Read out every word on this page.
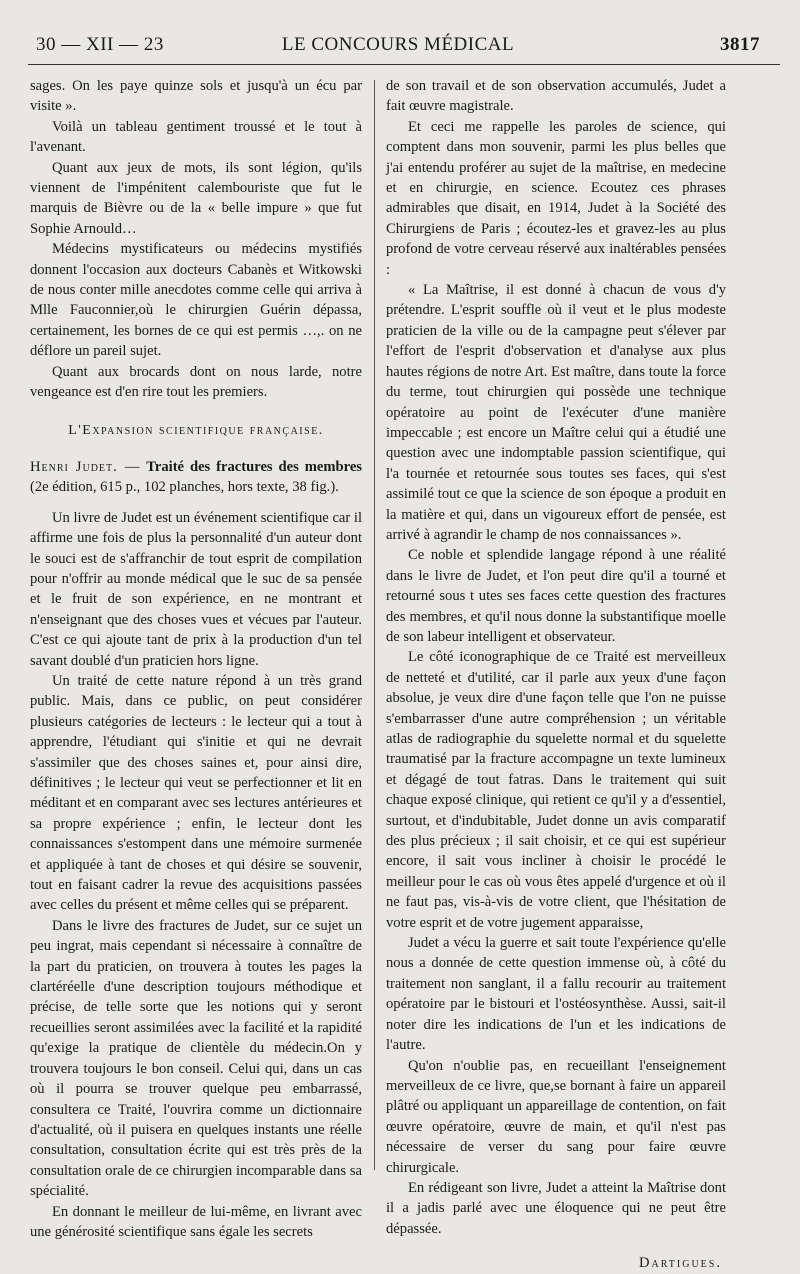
30 — XII — 23	LE CONCOURS MÉDICAL	3817

sages. On les paye quinze sols et jusqu'à un écu par visite ».

Voilà un tableau gentiment troussé et le tout à l'avenant.

Quant aux jeux de mots, ils sont légion, qu'ils viennent de l'impénitent calembouriste que fut le marquis de Bièvre ou de la « belle impure » que fut Sophie Arnould…

Médecins mystificateurs ou médecins mystifiés donnent l'occasion aux docteurs Cabanès et Witkowski de nous conter mille anecdotes comme celle qui arriva à Mlle Fauconnier,où le chirurgien Guérin dépassa, certainement, les bornes de ce qui est permis …,. on ne déflore un pareil sujet.

Quant aux brocards dont on nous larde, notre vengeance est d'en rire tout les premiers.

L'Expansion scientifique française.

Henri Judet. — Traité des fractures des membres (2e édition, 615 p., 102 planches, hors texte, 38 fig.).

Un livre de Judet est un événement scientifique car il affirme une fois de plus la personnalité d'un auteur dont le souci est de s'affranchir de tout esprit de compilation pour n'offrir au monde médical que le suc de sa pensée et le fruit de son expérience, en ne montrant et n'enseignant que des choses vues et vécues par l'auteur. C'est ce qui ajoute tant de prix à la production d'un tel savant doublé d'un praticien hors ligne.

Un traité de cette nature répond à un très grand public. Mais, dans ce public, on peut considérer plusieurs catégories de lecteurs : le lecteur qui a tout à apprendre, l'étudiant qui s'initie et qui ne devrait s'assimiler que des choses saines et, pour ainsi dire, définitives ; le lecteur qui veut se perfectionner et lit en méditant et en comparant avec ses lectures antérieures et sa propre expérience ; enfin, le lecteur dont les connaissances s'estompent dans une mémoire surmenée et appliquée à tant de choses et qui désire se souvenir, tout en faisant cadrer la revue des acquisitions passées avec celles du présent et même celles qui se préparent.

Dans le livre des fractures de Judet, sur ce sujet un peu ingrat, mais cependant si nécessaire à connaître de la part du praticien, on trouvera à toutes les pages la clartéréelle d'une description toujours méthodique et précise, de telle sorte que les notions qui y seront recueillies seront assimilées avec la facilité et la rapidité qu'exige la pratique de clientèle du médecin.On y trouvera toujours le bon conseil. Celui qui, dans un cas où il pourra se trouver quelque peu embarrassé, consultera ce Traité, l'ouvrira comme un dictionnaire d'actualité, où il puisera en quelques instants une réelle consultation, consultation écrite qui est très près de la consultation orale de ce chirurgien incomparable dans sa spécialité.

En donnant le meilleur de lui-même, en livrant avec une générosité scientifique sans égale les secrets

de son travail et de son observation accumulés, Judet a fait œuvre magistrale.

Et ceci me rappelle les paroles de science, qui comptent dans mon souvenir, parmi les plus belles que j'ai entendu proférer au sujet de la maîtrise, en medecine et en chirurgie, en science. Ecoutez ces phrases admirables que disait, en 1914, Judet à la Société des Chirurgiens de Paris ; écoutez-les et gravez-les au plus profond de votre cerveau réservé aux inaltérables pensées :

« La Maîtrise, il est donné à chacun de vous d'y prétendre. L'esprit souffle où il veut et le plus modeste praticien de la ville ou de la campagne peut s'élever par l'effort de l'esprit d'observation et d'analyse aux plus hautes régions de notre Art. Est maître, dans toute la force du terme, tout chirurgien qui possède une technique opératoire au point de l'exécuter d'une manière impeccable ; est encore un Maître celui qui a étudié une question avec une indomptable passion scientifique, qui l'a tournée et retournée sous toutes ses faces, qui s'est assimilé tout ce que la science de son époque a produit en la matière et qui, dans un vigoureux effort de pensée, est arrivé à agrandir le champ de nos connaissances ».

Ce noble et splendide langage répond à une réalité dans le livre de Judet, et l'on peut dire qu'il a tourné et retourné sous t utes ses faces cette question des fractures des membres, et qu'il nous donne la substantifique moelle de son labeur intelligent et observateur.

Le côté iconographique de ce Traité est merveilleux de netteté et d'utilité, car il parle aux yeux d'une façon absolue, je veux dire d'une façon telle que l'on ne puisse s'embarrasser d'une autre compréhension ; un véritable atlas de radiographie du squelette normal et du squelette traumatisé par la fracture accompagne un texte lumineux et dégagé de tout fatras. Dans le traitement qui suit chaque exposé clinique, qui retient ce qu'il y a d'essentiel, surtout, et d'indubitable, Judet donne un avis comparatif des plus précieux ; il sait choisir, et ce qui est supérieur encore, il sait vous incliner à choisir le procédé le meilleur pour le cas où vous êtes appelé d'urgence et où il ne faut pas, vis-à-vis de votre client, que l'hésitation de votre esprit et de votre jugement apparaisse,

Judet a vécu la guerre et sait toute l'expérience qu'elle nous a donnée de cette question immense où, à côté du traitement non sanglant, il a fallu recourir au traitement opératoire par le bistouri et l'ostéosynthèse. Aussi, sait-il noter dire les indications de l'un et les indications de l'autre.

Qu'on n'oublie pas, en recueillant l'enseignement merveilleux de ce livre, que,se bornant à faire un appareil plâtré ou appliquant un appareillage de contention, on fait œuvre opératoire, œuvre de main, et qu'il n'est pas nécessaire de verser du sang pour faire œuvre chirurgicale.

En rédigeant son livre, Judet a atteint la Maîtrise dont il a jadis parlé avec une éloquence qui ne peut être dépassée.

Dartigues.
